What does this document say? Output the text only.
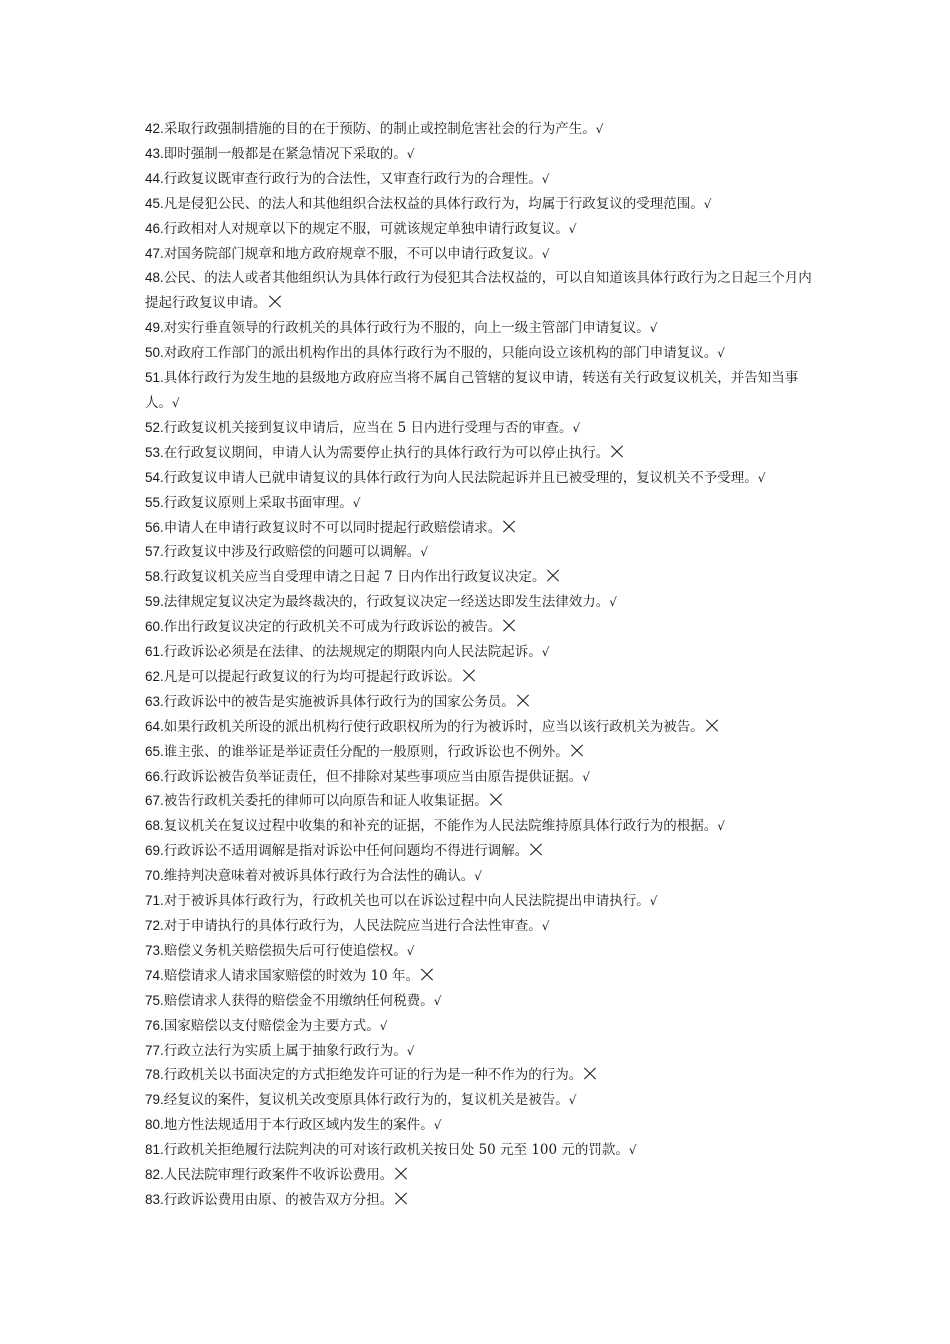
42.采取行政强制措施的目的在于预防、的制止或控制危害社会的行为产生。√
43.即时强制一般都是在紧急情况下采取的。√
44.行政复议既审查行政行为的合法性，又审查行政行为的合理性。√
45.凡是侵犯公民、的法人和其他组织合法权益的具体行政行为，均属于行政复议的受理范围。√
46.行政相对人对规章以下的规定不服，可就该规定单独申请行政复议。√
47.对国务院部门规章和地方政府规章不服，不可以申请行政复议。√
48.公民、的法人或者其他组织认为具体行政行为侵犯其合法权益的，可以自知道该具体行政行为之日起三个月内提起行政复议申请。
49.对实行垂直领导的行政机关的具体行政行为不服的，向上一级主管部门申请复议。√
50.对政府工作部门的派出机构作出的具体行政行为不服的，只能向设立该机构的部门申请复议。√
51.具体行政行为发生地的县级地方政府应当将不属自己管辖的复议申请，转送有关行政复议机关，并告知当事人。√
52.行政复议机关接到复议申请后，应当在 5 日内进行受理与否的审查。√
53.在行政复议期间，申请人认为需要停止执行的具体行政行为可以停止执行。
54.行政复议申请人已就申请复议的具体行政行为向人民法院起诉并且已被受理的，复议机关不予受理。√
55.行政复议原则上采取书面审理。√
56.申请人在申请行政复议时不可以同时提起行政赔偿请求。
57.行政复议中涉及行政赔偿的问题可以调解。√
58.行政复议机关应当自受理申请之日起 7 日内作出行政复议决定。
59.法律规定复议决定为最终裁决的，行政复议决定一经送达即发生法律效力。√
60.作出行政复议决定的行政机关不可成为行政诉讼的被告。
61.行政诉讼必须是在法律、的法规规定的期限内向人民法院起诉。√
62.凡是可以提起行政复议的行为均可提起行政诉讼。
63.行政诉讼中的被告是实施被诉具体行政行为的国家公务员。
64.如果行政机关所设的派出机构行使行政职权所为的行为被诉时，应当以该行政机关为被告。
65.谁主张、的谁举证是举证责任分配的一般原则，行政诉讼也不例外。
66.行政诉讼被告负举证责任，但不排除对某些事项应当由原告提供证据。√
67.被告行政机关委托的律师可以向原告和证人收集证据。
68.复议机关在复议过程中收集的和补充的证据，不能作为人民法院维持原具体行政行为的根据。√
69.行政诉讼不适用调解是指对诉讼中任何问题均不得进行调解。
70.维持判决意味着对被诉具体行政行为合法性的确认。√
71.对于被诉具体行政行为，行政机关也可以在诉讼过程中向人民法院提出申请执行。√
72.对于申请执行的具体行政行为，人民法院应当进行合法性审查。√
73.赔偿义务机关赔偿损失后可行使追偿权。√
74.赔偿请求人请求国家赔偿的时效为 10 年。
75.赔偿请求人获得的赔偿金不用缴纳任何税费。√
76.国家赔偿以支付赔偿金为主要方式。√
77.行政立法行为实质上属于抽象行政行为。√
78.行政机关以书面决定的方式拒绝发许可证的行为是一种不作为的行为。
79.经复议的案件，复议机关改变原具体行政行为的，复议机关是被告。√
80.地方性法规适用于本行政区域内发生的案件。√
81.行政机关拒绝履行法院判决的可对该行政机关按日处 50 元至 100 元的罚款。√
82.人民法院审理行政案件不收诉讼费用。
83.行政诉讼费用由原、的被告双方分担。
